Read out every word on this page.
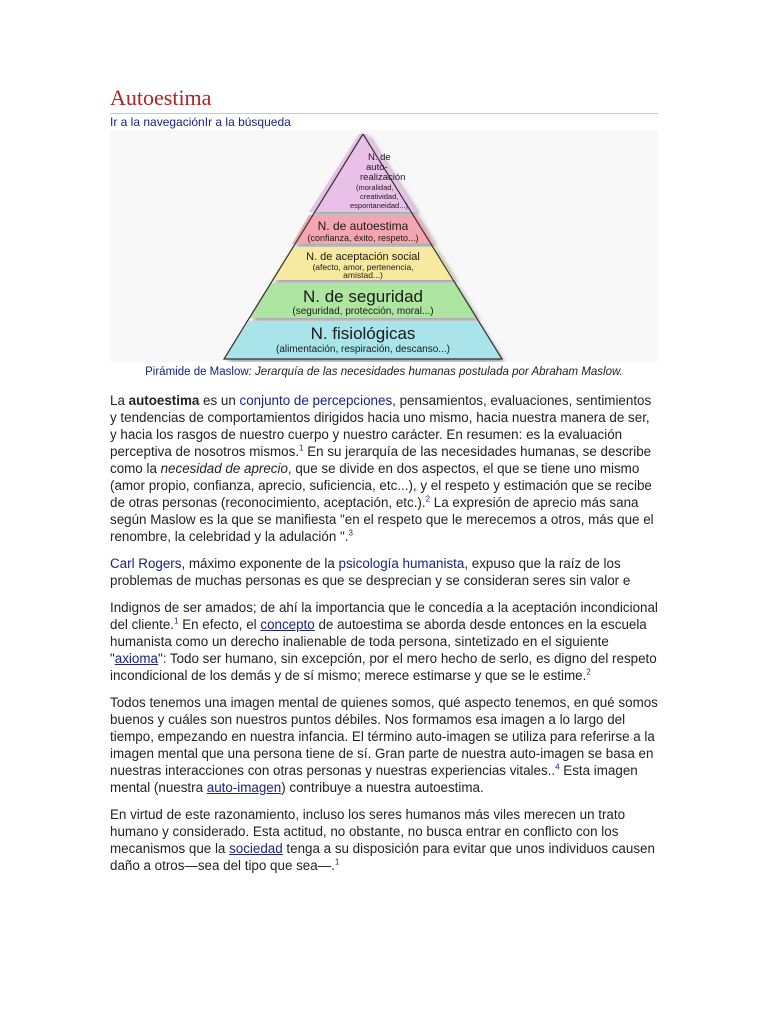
Autoestima
Ir a la navegaciónIr a la búsqueda
N. de
auto-
realización
(moralidad,
creatividad,
espontaneidad...)
N. de autoestima
(confianza, éxito, respeto...)
N. de aceptación social
(afecto, amor, pertenencia,
amistad...)
N. de seguridad
(seguridad, protección, moral...)
N. fisiológicas
(alimentación, respiración, descanso...)
Pirámide de Maslow: Jerarquía de las necesidades humanas postulada por Abraham Maslow.

La autoestima es un conjunto de percepciones, pensamientos, evaluaciones, sentimientos y tendencias de comportamientos dirigidos hacia uno mismo, hacia nuestra manera de ser, y hacia los rasgos de nuestro cuerpo y nuestro carácter. En resumen: es la evaluación perceptiva de nosotros mismos.$^1$ En su jerarquía de las necesidades humanas, se describe como la necesidad de aprecio, que se divide en dos aspectos, el que se tiene uno mismo (amor propio, confianza, aprecio, suficiencia, etc...), y el respeto y estimación que se recibe de otras personas (reconocimiento, aceptación, etc.).$^2$ La expresión de aprecio más sana según Maslow es la que se manifiesta "en el respeto que le merecemos a otros, más que el renombre, la celebridad y la adulación ".$^3$

Carl Rogers, máximo exponente de la psicología humanista, expuso que la raíz de los problemas de muchas personas es que se desprecian y se consideran seres sin valor e

Indignos de ser amados; de ahí la importancia que le concedía a la aceptación incondicional del cliente.$^1$ En efecto, el concepto de autoestima se aborda desde entonces en la escuela humanista como un derecho inalienable de toda persona, sintetizado en el siguiente "axioma": Todo ser humano, sin excepción, por el mero hecho de serlo, es digno del respeto incondicional de los demás y de sí mismo; merece estimarse y que se le estime.$^2$

Todos tenemos una imagen mental de quienes somos, qué aspecto tenemos, en qué somos buenos y cuáles son nuestros puntos débiles. Nos formamos esa imagen a lo largo del tiempo, empezando en nuestra infancia. El término auto-imagen se utiliza para referirse a la imagen mental que una persona tiene de sí. Gran parte de nuestra auto-imagen se basa en nuestras interacciones con otras personas y nuestras experiencias vitales..$^4$ Esta imagen mental (nuestra auto-imagen) contribuye a nuestra autoestima.

En virtud de este razonamiento, incluso los seres humanos más viles merecen un trato humano y considerado. Esta actitud, no obstante, no busca entrar en conflicto con los mecanismos que la sociedad tenga a su disposición para evitar que unos individuos causen daño a otros—sea del tipo que sea—.$^1$
